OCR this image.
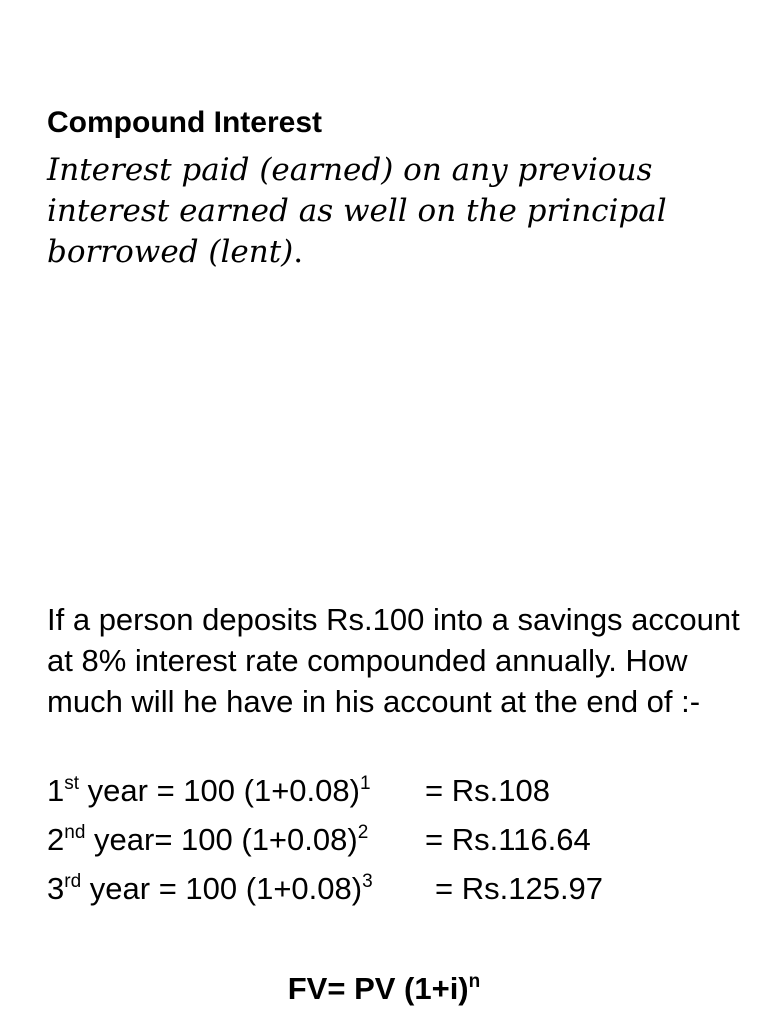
Compound Interest
Interest paid (earned) on any previous interest earned as well on the principal borrowed (lent).
If a person deposits Rs.100 into a savings account at 8% interest rate compounded annually. How much will he have in his account at the end of :-
1st year = 100 $(1+0.08)^1 = Rs.108$
2nd year= 100 $(1+0.08)^2 = Rs.116.64$
3rd year = 100 $(1+0.08)^3 = Rs.125.97$
FV= PV $(1+i)^n$
